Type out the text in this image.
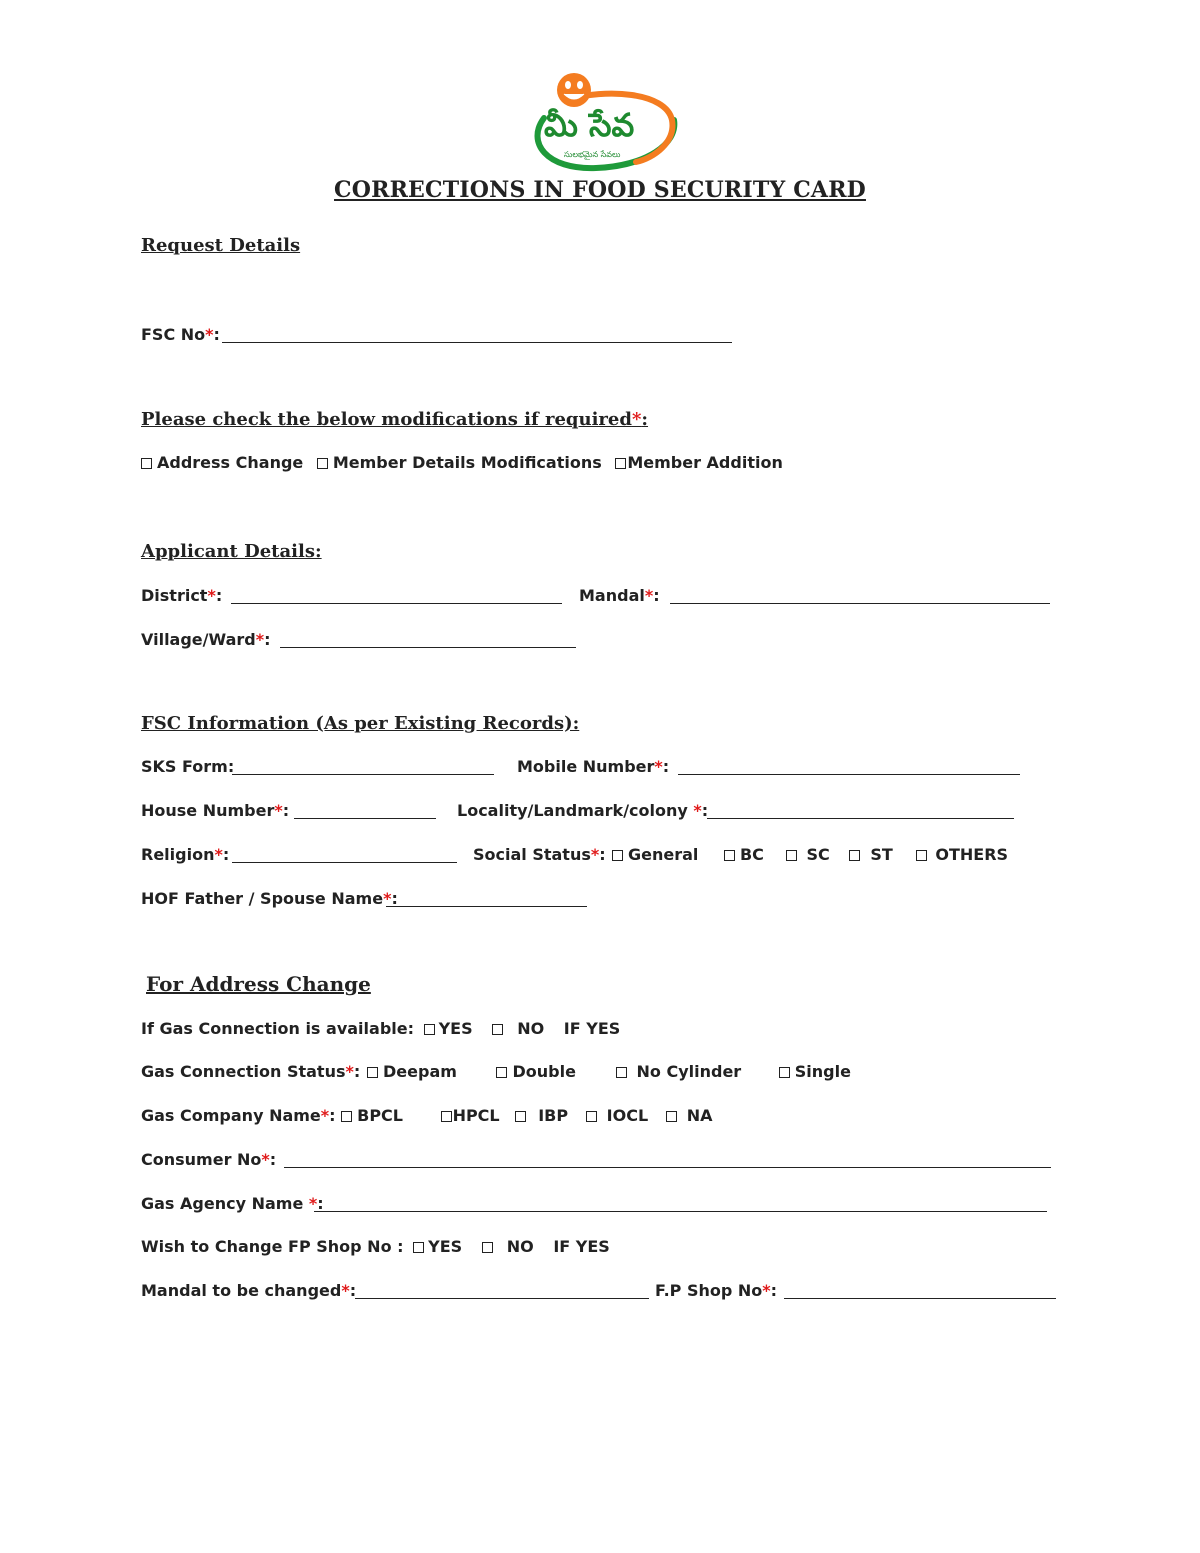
మీ సేవ
సులభమైన సేవలు
CORRECTIONS IN FOOD SECURITY CARD
Request Details
FSC No*:
Please check the below modifications if required*:
Address Change Member Details Modifications Member Addition
Applicant Details:
District*:	Mandal*:
Village/Ward*:
FSC Information (As per Existing Records):
SKS Form:	Mobile Number*:
House Number*:	Locality/Landmark/colony *:
Religion*:	Social Status*:	General	BC	SC	ST	OTHERS
HOF Father / Spouse Name*:
For Address Change
If Gas Connection is available: YES	NO IF YES
Gas Connection Status*:	Deepam	Double	No Cylinder	Single
Gas Company Name*: BPCL	HPCL IBP IOCL NA
Consumer No*:
Gas Agency Name *:
Wish to Change FP Shop No : YES	NO IF YES
Mandal to be changed*:	F.P Shop No*:
